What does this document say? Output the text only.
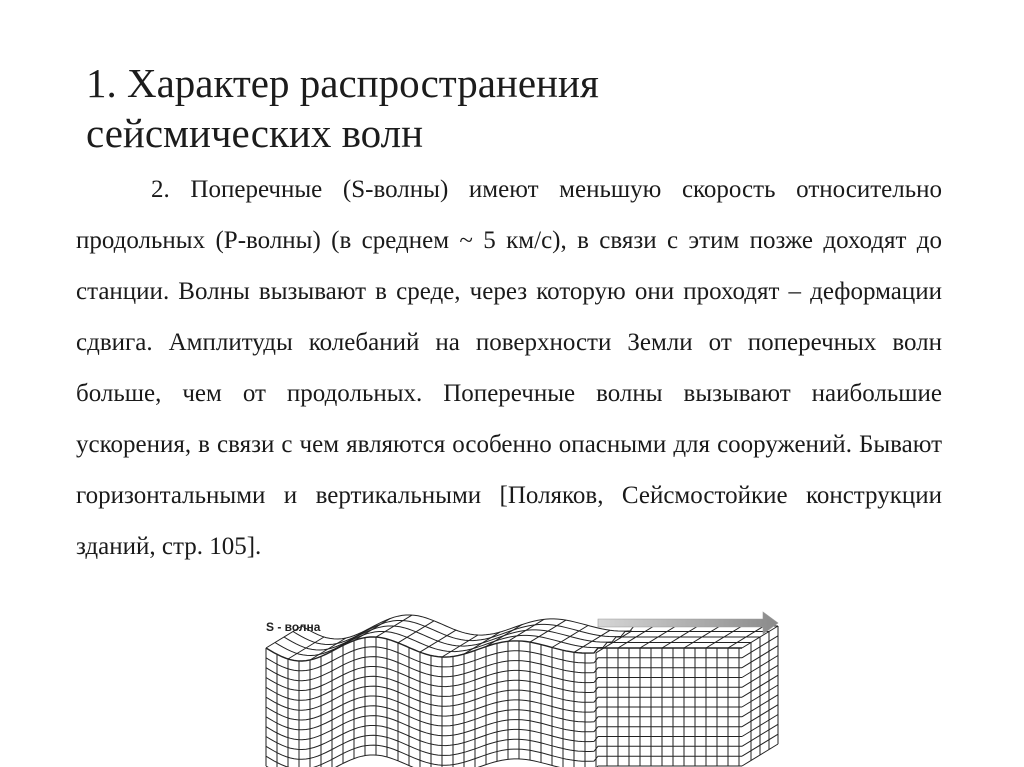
1. Характер распространения
сейсмических волн

2. Поперечные (S-волны) имеют меньшую скорость относительно продольных (P-волны) (в среднем ~ 5 км/с), в связи с этим позже доходят до станции. Волны вызывают в среде, через которую они проходят – деформации сдвига. Амплитуды колебаний на поверхности Земли от поперечных волн больше, чем от продольных. Поперечные волны вызывают наибольшие ускорения, в связи с чем являются особенно опасными для сооружений. Бывают горизонтальными и вертикальными [Поляков, Сейсмостойкие конструкции зданий, стр. 105].

S - волна
